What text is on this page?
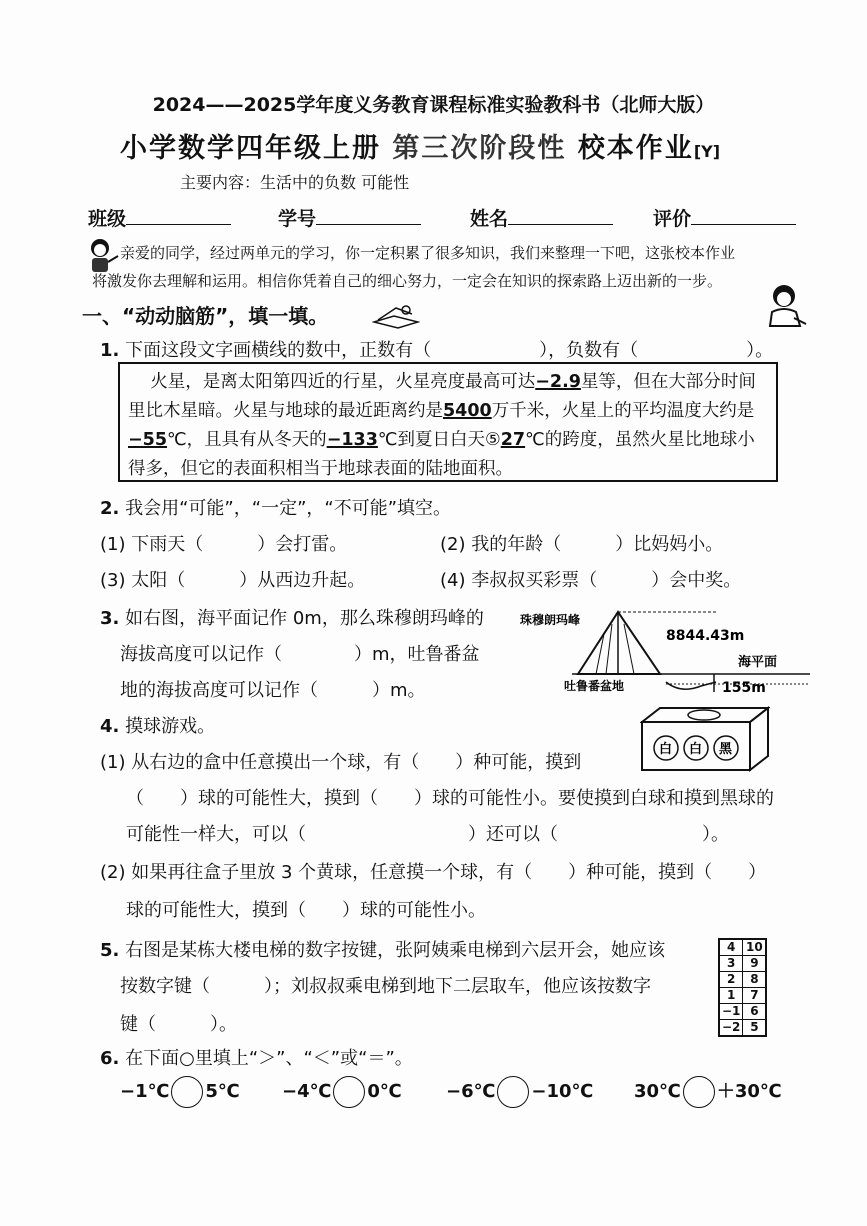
2024——2025学年度义务教育课程标准实验教科书（北师大版）
小学数学四年级上册 第三次阶段性 校本作业[Y]
主要内容：生活中的负数 可能性
班级	学号	姓名	评价
亲爱的同学，经过两单元的学习，你一定积累了很多知识，我们来整理一下吧，这张校本作业
将激发你去理解和运用。相信你凭着自己的细心努力，一定会在知识的探索路上迈出新的一步。
一、“动动脑筋”，填一填。
1. 下面这段文字画横线的数中，正数有（　　　　　　），负数有（　　　　　　）。
火星，是离太阳第四近的行星，火星亮度最高可达−2.9星等，但在大部分时间里比木星暗。火星与地球的最近距离约是5400万千米，火星上的平均温度大约是−55℃，且具有从冬天的−133℃到夏日白天⑤27℃的跨度，虽然火星比地球小得多，但它的表面积相当于地球表面的陆地面积。
2. 我会用“可能”，“一定”，“不可能”填空。
(1) 下雨天（　　　）会打雷。	(2) 我的年龄（　　　）比妈妈小。
(3) 太阳（　　　）从西边升起。	(4) 李叔叔买彩票（　　　）会中奖。
3. 如右图，海平面记作 0m，那么珠穆朗玛峰的
海拔高度可以记作（　　　　）m，吐鲁番盆
地的海拔高度可以记作（　　　）m。
珠穆朗玛峰
8844.43m
海平面
吐鲁番盆地	155m
4. 摸球游戏。
(1) 从右边的盒中任意摸出一个球，有（　　）种可能，摸到
（　　）球的可能性大，摸到（　　）球的可能性小。要使摸到白球和摸到黑球的
可能性一样大，可以（　　　　　　　　　）还可以（　　　　　　　　）。
(2) 如果再往盒子里放 3 个黄球，任意摸一个球，有（　　）种可能，摸到（　　）
球的可能性大，摸到（　　）球的可能性小。
白 白 黑
5. 右图是某栋大楼电梯的数字按键，张阿姨乘电梯到六层开会，她应该
按数字键（　　　）；刘叔叔乘电梯到地下二层取车，他应该按数字
键（　　　）。
4	10
3	9
2	8
1	7
−1	6
−2	5
6. 在下面○里填上“＞”、“＜”或“＝”。
−1℃ 5℃ −4℃ 0℃ −6℃ −10℃ 30℃ ＋30℃
